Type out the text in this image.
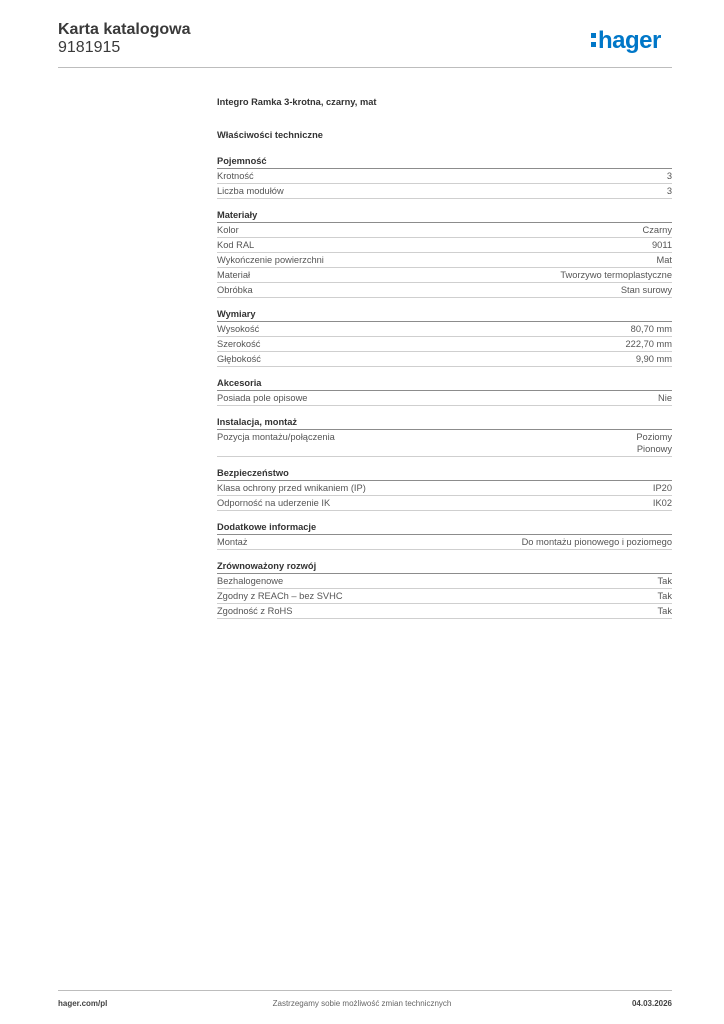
Karta katalogowa
9181915	hager
Integro Ramka 3-krotna, czarny, mat
Właściwości techniczne
Pojemność
Krotność	3
Liczba modułów	3
Materiały
Kolor	Czarny
Kod RAL	9011
Wykończenie powierzchni	Mat
Materiał	Tworzywo termoplastyczne
Obróbka	Stan surowy
Wymiary
Wysokość	80,70 mm
Szerokość	222,70 mm
Głębokość	9,90 mm
Akcesoria
Posiada pole opisowe	Nie
Instalacja, montaż
Pozycja montażu/połączenia	Poziomy
Pionowy
Bezpieczeństwo
Klasa ochrony przed wnikaniem (IP)	IP20
Odporność na uderzenie IK	IK02
Dodatkowe informacje
Montaż	Do montażu pionowego i poziomego
Zrównoważony rozwój
Bezhalogenowe	Tak
Zgodny z REACh – bez SVHC	Tak
Zgodność z RoHS	Tak
hager.com/pl	Zastrzegamy sobie możliwość zmian technicznych	04.03.2026
